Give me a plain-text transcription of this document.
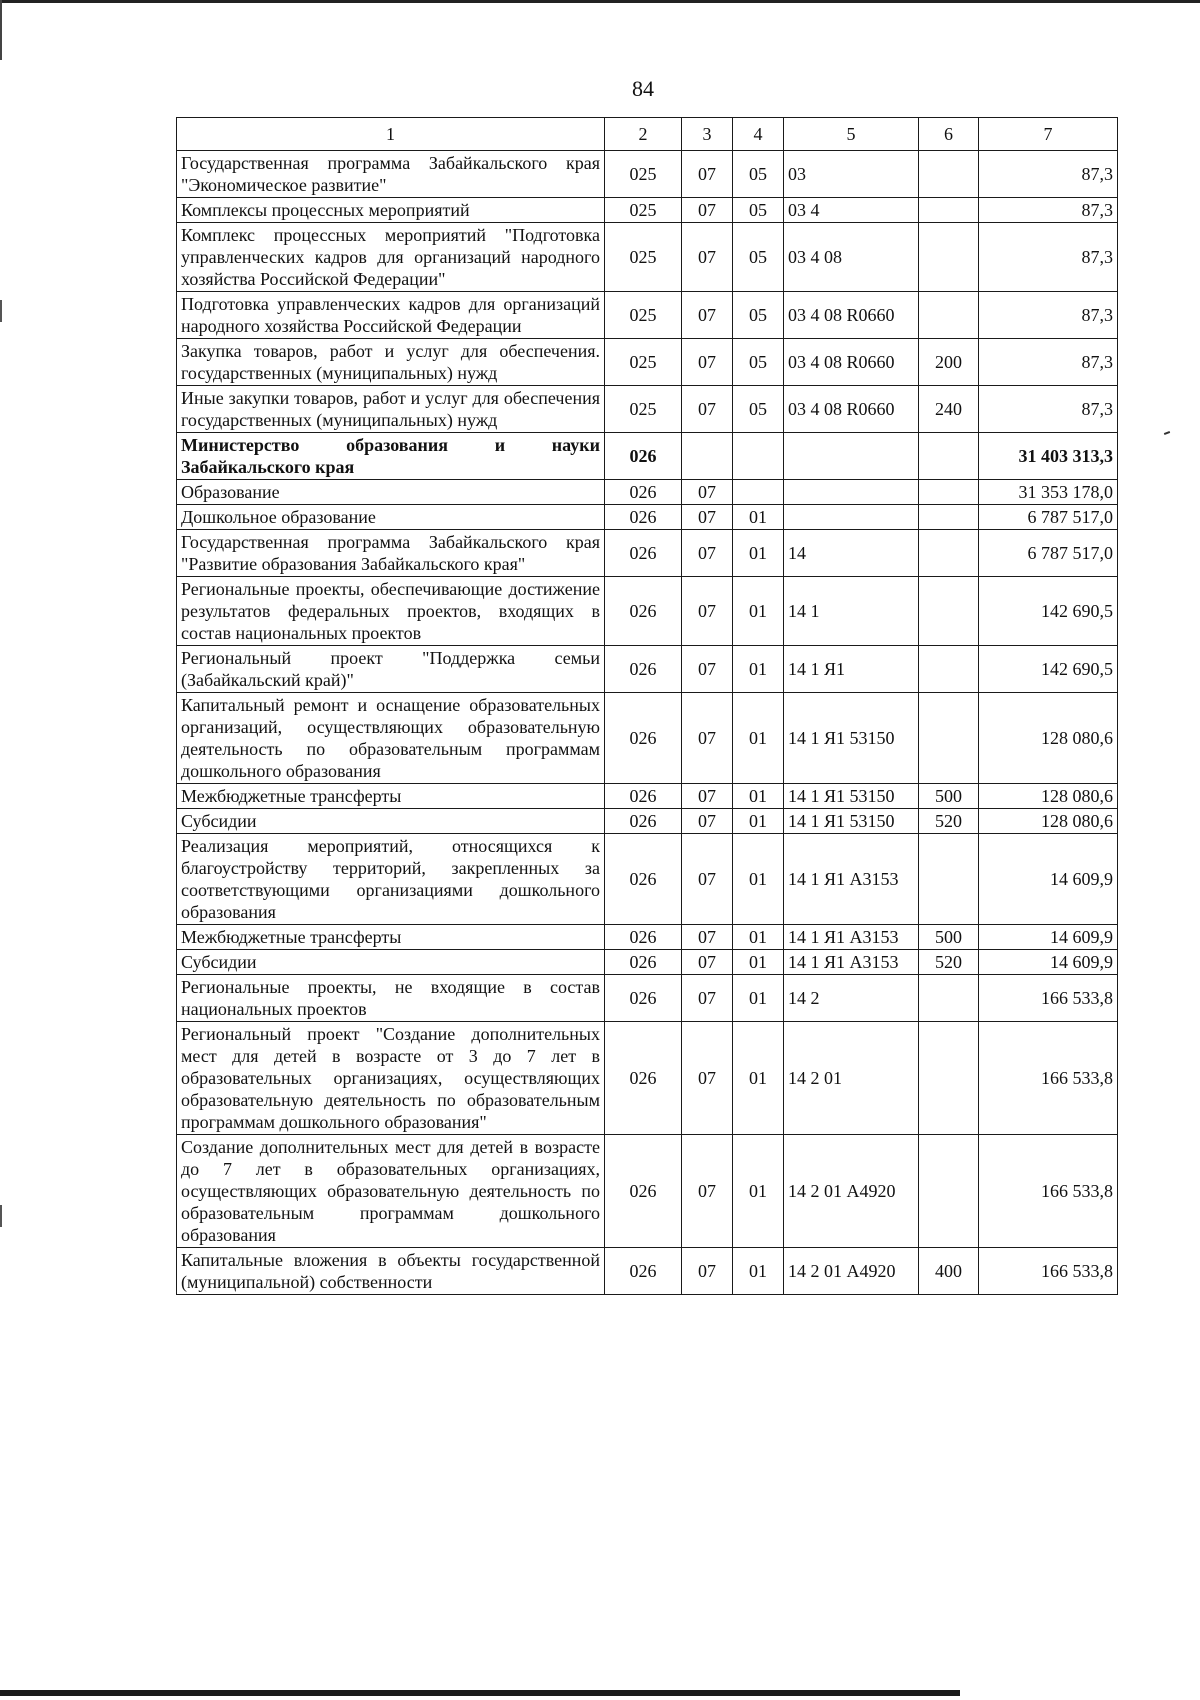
84
1	2	3	4	5	6	7
Государственная программа Забайкальского края "Экономическое развитие"	025	07	05	03		87,3
Комплексы процессных мероприятий	025	07	05	03 4		87,3
Комплекс процессных мероприятий "Подготовка управленческих кадров для организаций народного хозяйства Российской Федерации"	025	07	05	03 4 08		87,3
Подготовка управленческих кадров для организаций народного хозяйства Российской Федерации	025	07	05	03 4 08 R0660		87,3
Закупка товаров, работ и услуг для обеспечения. государственных (муниципальных) нужд	025	07	05	03 4 08 R0660	200	87,3
Иные закупки товаров, работ и услуг для обеспечения государственных (муниципальных) нужд	025	07	05	03 4 08 R0660	240	87,3
Министерство образования и науки Забайкальского края	026					31 403 313,3
Образование	026	07				31 353 178,0
Дошкольное образование	026	07	01			6 787 517,0
Государственная программа Забайкальского края "Развитие образования Забайкальского края"	026	07	01	14		6 787 517,0
Региональные проекты, обеспечивающие достижение результатов федеральных проектов, входящих в состав национальных проектов	026	07	01	14 1		142 690,5
Региональный проект "Поддержка семьи (Забайкальский край)"	026	07	01	14 1 Я1		142 690,5
Капитальный ремонт и оснащение образовательных организаций, осуществляющих образовательную деятельность по образовательным программам дошкольного образования	026	07	01	14 1 Я1 53150		128 080,6
Межбюджетные трансферты	026	07	01	14 1 Я1 53150	500	128 080,6
Субсидии	026	07	01	14 1 Я1 53150	520	128 080,6
Реализация мероприятий, относящихся к благоустройству территорий, закрепленных за соответствующими организациями дошкольного образования	026	07	01	14 1 Я1 А3153		14 609,9
Межбюджетные трансферты	026	07	01	14 1 Я1 А3153	500	14 609,9
Субсидии	026	07	01	14 1 Я1 А3153	520	14 609,9
Региональные проекты, не входящие в состав национальных проектов	026	07	01	14 2		166 533,8
Региональный проект "Создание дополнительных мест для детей в возрасте от 3 до 7 лет в образовательных организациях, осуществляющих образовательную деятельность по образовательным программам дошкольного образования"	026	07	01	14 2 01		166 533,8
Создание дополнительных мест для детей в возрасте до 7 лет в образовательных организациях, осуществляющих образовательную деятельность по образовательным программам дошкольного образования	026	07	01	14 2 01 А4920		166 533,8
Капитальные вложения в объекты государственной (муниципальной) собственности	026	07	01	14 2 01 А4920	400	166 533,8
